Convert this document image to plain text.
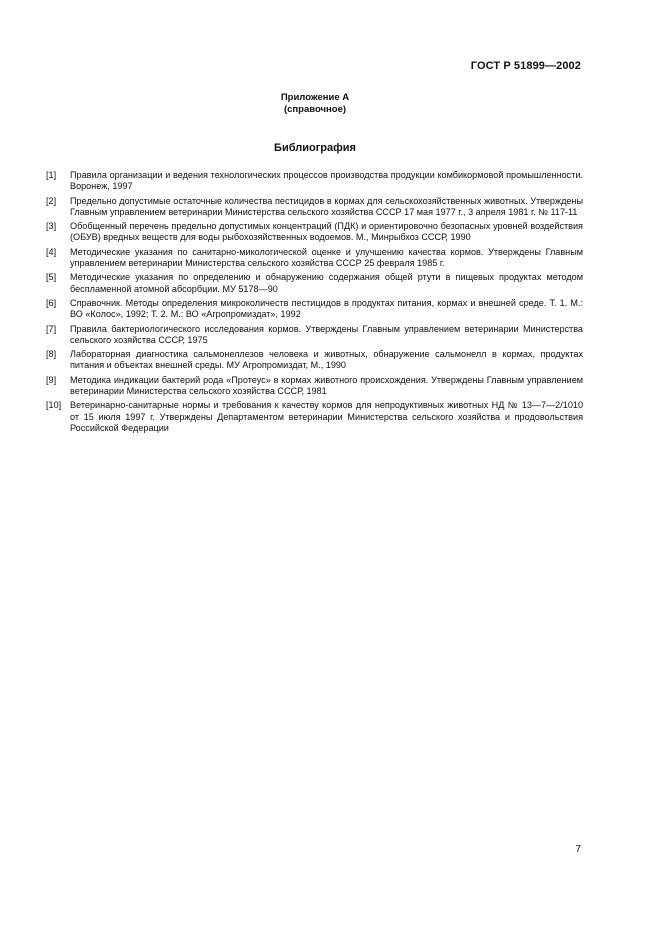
ГОСТ Р 51899—2002
Приложение А
(справочное)
Библиография
[1]	Правила организации и ведения технологических процессов производства продукции комбикормовой промышленности. Воронеж, 1997
[2]	Предельно допустимые остаточные количества пестицидов в кормах для сельскохозяйственных животных. Утверждены Главным управлением ветеринарии Министерства сельского хозяйства СССР 17 мая 1977 г., 3 апреля 1981 г. № 117-11
[3]	Обобщенный перечень предельно допустимых концентраций (ПДК) и ориентировочно безопасных уровней воздействия (ОБУВ) вредных веществ для воды рыбохозяйственных водоемов. М., Минрыбхоз СССР, 1990
[4]	Методические указания по санитарно-микологической оценке и улучшению качества кормов. Утверждены Главным управлением ветеринарии Министерства сельского хозяйства СССР 25 февраля 1985 г.
[5]	Методические указания по определению и обнаружению содержания общей ртути в пищевых продуктах методом беспламенной атомной абсорбции. МУ 5178—90
[6]	Справочник. Методы определения микроколичеств пестицидов в продуктах питания, кормах и внешней среде. Т. 1. М.: ВО «Колос», 1992; Т. 2. М.: ВО «Агропромиздат», 1992
[7]	Правила бактериологического исследования кормов. Утверждены Главным управлением ветеринарии Министерства сельского хозяйства СССР, 1975
[8]	Лабораторная диагностика сальмонеллезов человека и животных, обнаружение сальмонелл в кормах, продуктах питания и объектах внешней среды. МУ Агропромиздат, М., 1990
[9]	Методика индикации бактерий рода «Протеус» в кормах животного происхождения. Утверждены Главным управлением ветеринарии Министерства сельского хозяйства СССР, 1981
[10] Ветеринарно-санитарные нормы и требования к качеству кормов для непродуктивных животных НД № 13—7—2/1010 от 15 июля 1997 г. Утверждены Департаментом ветеринарии Министерства сельского хозяйства и продовольствия Российской Федерации
7
